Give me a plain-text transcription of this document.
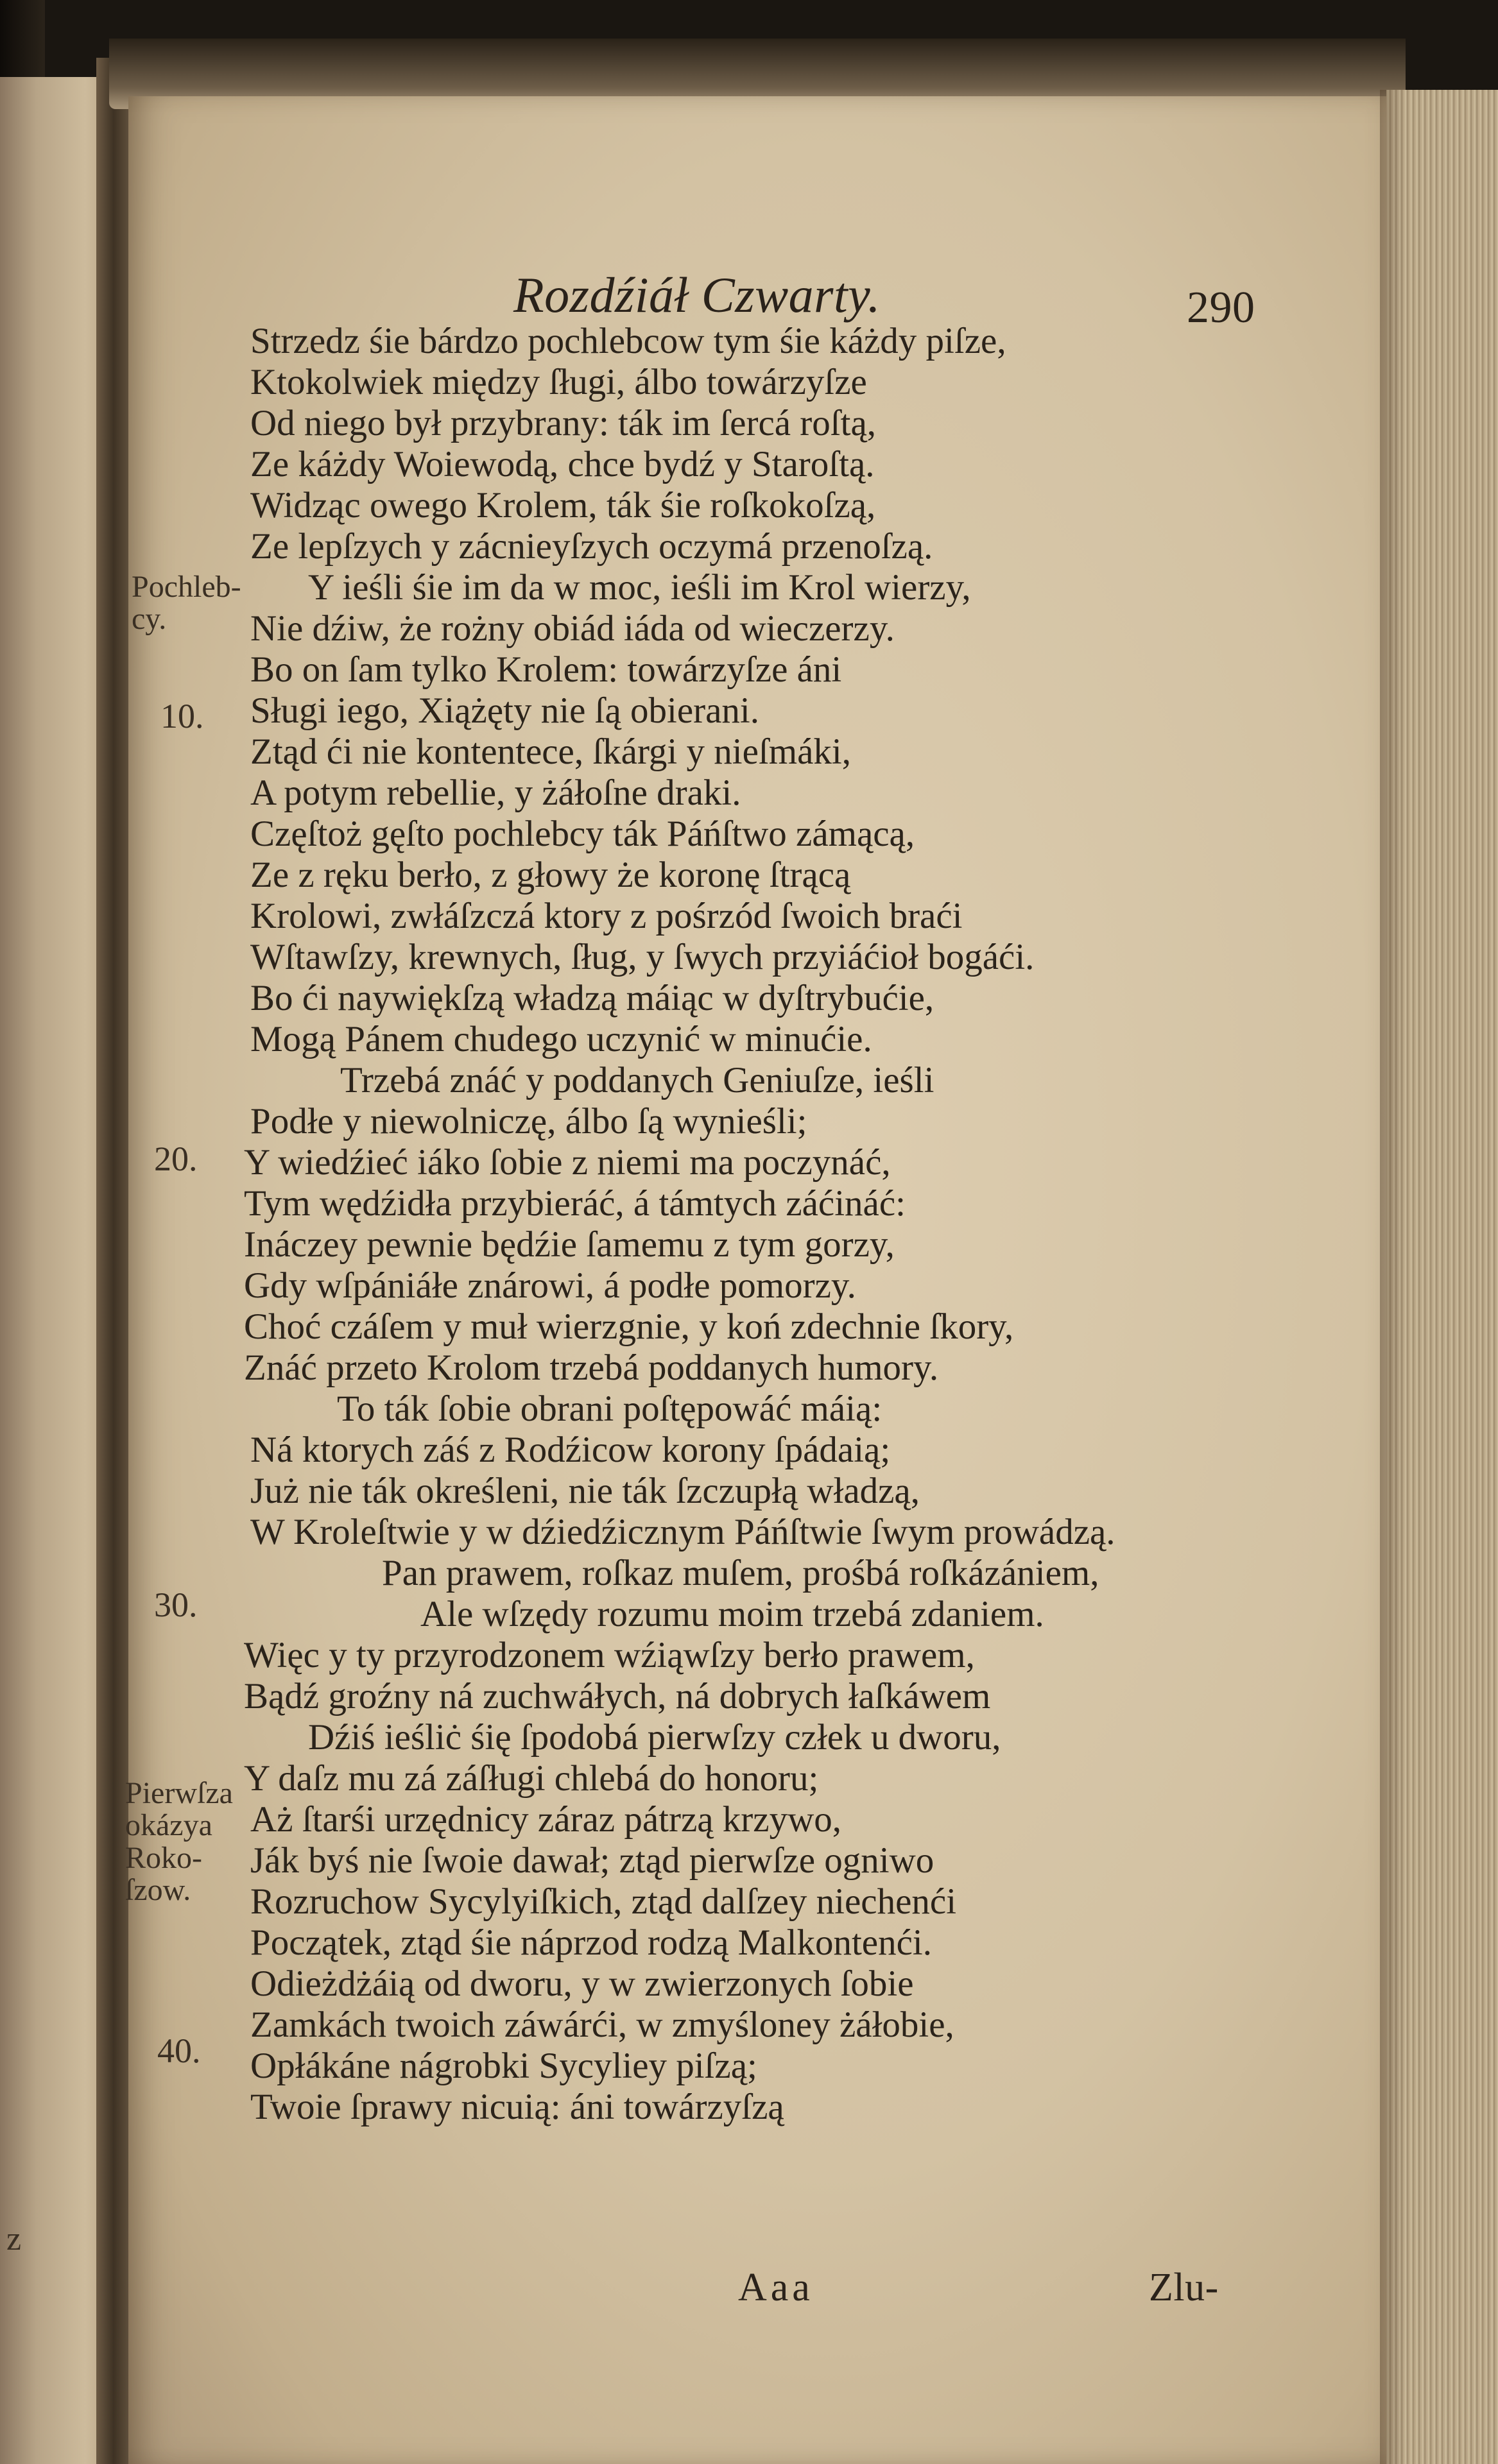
z
Rozdźiáł Czwarty.	290
Strzedz śie bárdzo pochlebcow tym śie káżdy piſze,
Ktokolwiek między ſługi, álbo towárzyſze
Od niego był przybrany: ták im ſercá roſtą,
Ze káżdy Woiewodą, chce bydź y Staroſtą.
Widząc owego Krolem, ták śie roſkokoſzą,
Ze lepſzych y zácnieyſzych oczymá przenoſzą.
Y ieśli śie im da w moc, ieśli im Krol wierzy,
Nie dźiw, że rożny obiád iáda od wieczerzy.
Bo on ſam tylko Krolem: towárzyſze áni
Sługi iego, Xiążęty nie ſą obierani.
Ztąd ći nie kontentece, ſkárgi y nieſmáki,
A potym rebellie, y żáłoſne draki.
Częſtoż gęſto pochlebcy ták Páńſtwo zámącą,
Ze z ręku berło, z głowy że koronę ſtrącą
Krolowi, zwłáſzczá ktory z pośrzód ſwoich braći
Wſtawſzy, krewnych, ſług, y ſwych przyiáćioł bogáći.
Bo ći naywiękſzą władzą máiąc w dyſtrybućie,
Mogą Pánem chudego uczynić w minućie.
Trzebá znáć y poddanych Geniuſze, ieśli
Podłe y niewolniczę, álbo ſą wynieśli;
Y wiedźieć iáko ſobie z niemi ma poczynáć,
Tym wędźidła przybieráć, á támtych záćináć:
Ináczey pewnie będźie ſamemu z tym gorzy,
Gdy wſpániáłe znárowi, á podłe pomorzy.
Choć czáſem y muł wierzgnie, y koń zdechnie ſkory,
Znáć przeto Krolom trzebá poddanych humory.
To ták ſobie obrani poſtępowáć máią:
Ná ktorych záś z Rodźicow korony ſpádaią;
Już nie ták określeni, nie ták ſzczupłą władzą,
W Kroleſtwie y w dźiedźicznym Páńſtwie ſwym prowádzą.
Pan prawem, roſkaz muſem, prośbá roſkázániem,
Ale wſzędy rozumu moim trzebá zdaniem.
Więc y ty przyrodzonem wźiąwſzy berło prawem,
Bądź groźny ná zuchwáłych, ná dobrych łaſkáwem
Dźiś ieśliċ śię ſpodobá pierwſzy człek u dworu,
Y daſz mu zá záſługi chlebá do honoru;
Aż ſtarśi urzędnicy záraz pátrzą krzywo,
Ják byś nie ſwoie dawał; ztąd pierwſze ogniwo
Rozruchow Sycylyiſkich, ztąd dalſzey niechenći
Początek, ztąd śie náprzod rodzą Malkontenći.
Odieżdżáią od dworu, y w zwierzonych ſobie
Zamkách twoich záwárći, w zmyśloney żáłobie,
Opłákáne nágrobki Sycyliey piſzą;
Twoie ſprawy nicuią: áni towárzyſzą
Pochleb-
cy.
Pierwſza
okázya
Roko-
ſzow.
10.
20.
30.
40.
Aaa	Zlu-
